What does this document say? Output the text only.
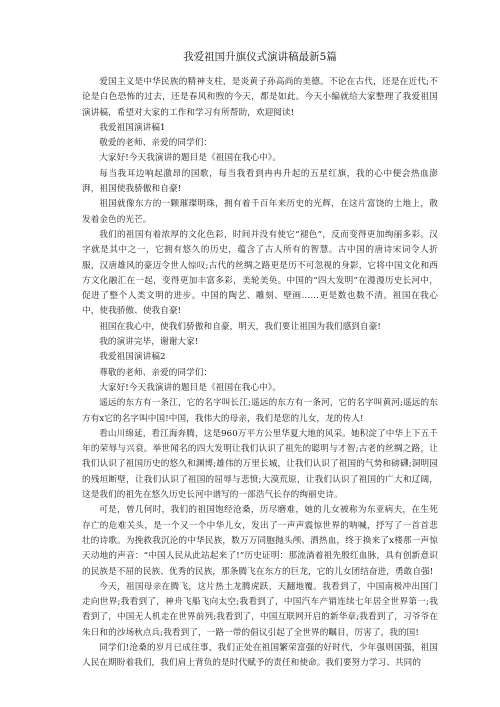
我爱祖国升旗仪式演讲稿最新5篇

爱国主义是中华民族的精神支柱，是炎黄子孙高尚的美德。不论在古代，还是在近代;不论是白色恐怖的过去，还是春风和煦的今天，都是如此。今天小编就给大家整理了我爱祖国演讲稿，希望对大家的工作和学习有所帮助，欢迎阅读!

我爱祖国演讲稿1

敬爱的老师、亲爱的同学们：

大家好!今天我演讲的题目是《祖国在我心中》。

每当我耳边响起激昂的国歌，每当我看到冉冉升起的五星红旗，我的心中便会热血澎湃，祖国使我骄傲和自豪!

祖国就像东方的一颗璀璨明珠，拥有着千百年来历史的光辉，在这片富饶的土地上，散发着金色的光芒。

我们的祖国有着浓厚的文化色彩，时间并没有使它“褪色”，反而变得更加绚丽多彩。汉字就是其中之一，它拥有悠久的历史，蕴含了古人所有的智慧。古中国的唐诗宋词令人折服，汉唐雄风的豪迈令世人惊叹;古代的丝绸之路更是历不可忽视的身影，它将中国文化和西方文化融汇在一起，变得更加丰富多彩，美轮美奂。中国的“四大发明”在漫漫历史长河中，促进了整个人类文明的进步。中国的陶艺、雕刻、壁画……更是数也数不清。祖国在我心中，使我骄傲、使我自豪!

祖国在我心中，使我们骄傲和自豪，明天，我们要让祖国为我们感到自豪!

我的演讲完毕，谢谢大家!

我爱祖国演讲稿2

尊敬的老师、亲爱的同学们：

大家好!今天我演讲的题目是《祖国在我心中》。

遥远的东方有一条江，它的名字叫长江;遥远的东方有一条河，它的名字叫黄河;遥远的东方有x它的名字叫中国!中国，我伟大的母亲，我们是您的儿女，龙的传人!

看山川绵延，看江海奔腾，这是960万平方公里华夏大地的风采。她积淀了中华上下五千年的荣辱与兴衰。举世闻名的四大发明让我们认识了祖先的聪明与才智;古老的丝绸之路，让我们认识了祖国历史的悠久和渊博;雄伟的万里长城，让我们认识了祖国的气势和磅礴;洞明园的残垣断壁，让我们认识了祖国的屈辱与悲愤;大漠荒原，让我们认识了祖国的广大和辽阔，这是我们的祖先在悠久历史长河中谱写的一部浩气长存的绚丽史诗。

可是，曾几何时，我们的祖国饱经沧桑，历尽磨难，她的儿女被称为东亚病夫，在生死存亡的危难关头，是一个又一个中华儿女，发出了一声声震惊世界的呐喊，抒写了一首首悲壮的诗歌。为挽救我沉沦的中华民族，数万万同胞抛头颅、洒热血，终于换来了x楼那一声惊天动地的声音：“中国人民从此站起来了!”历史证明：那流淌着祖先殷红血脉，具有创新意识的民族是不屈的民族、优秀的民族，那条腾飞在东方的巨龙，它的儿女团结奋进，勇敢自强!

今天，祖国母亲在腾飞，这片热土龙腾虎跃，天翻地覆。我看到了，中国南极冲出国门走向世界;我看到了，神舟飞船飞向太空;我看到了，中国汽车产销连续七年居全世界第一;我看到了，中国无人机走在世界前列;我看到了，中国互联网开启的新华章;我看到了，习爷爷在朱日和的沙场秋点兵;我看到了，一路一带的倡议引起了全世界的瞩目，厉害了，我的国!

同学们!沧桑的岁月已成往事，我们正处在祖国繁荣富强的好时代，少年强则国强，祖国人民在期盼着我们，我们肩上背负的是时代赋予的责任和使命。我们要努力学习、共同的
